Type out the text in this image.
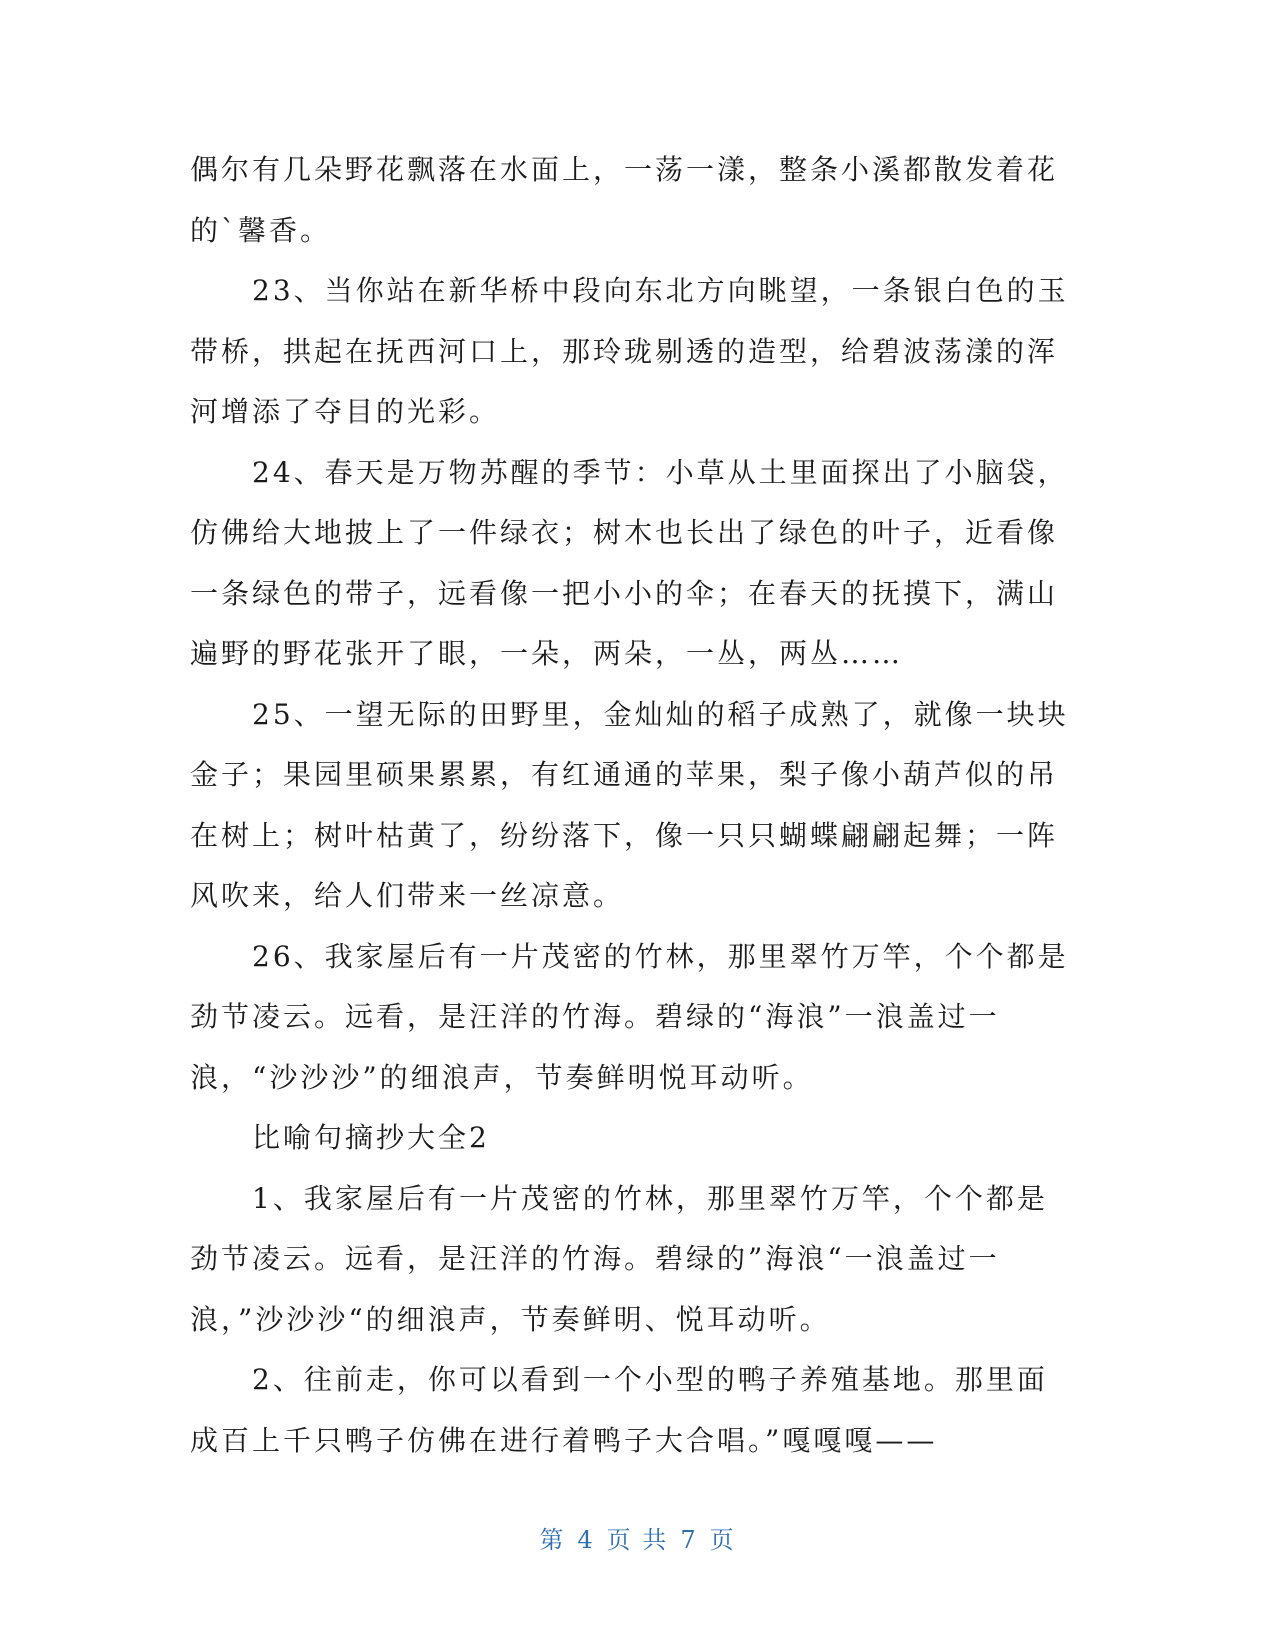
偶尔有几朵野花飘落在水面上，一荡一漾，整条小溪都散发着花的`馨香。

23、当你站在新华桥中段向东北方向眺望，一条银白色的玉带桥，拱起在抚西河口上，那玲珑剔透的造型，给碧波荡漾的浑河增添了夺目的光彩。

24、春天是万物苏醒的季节：小草从土里面探出了小脑袋，仿佛给大地披上了一件绿衣；树木也长出了绿色的叶子，近看像一条绿色的带子，远看像一把小小的伞；在春天的抚摸下，满山遍野的野花张开了眼，一朵，两朵，一丛，两丛……

25、一望无际的田野里，金灿灿的稻子成熟了，就像一块块金子；果园里硕果累累，有红通通的苹果，梨子像小葫芦似的吊在树上；树叶枯黄了，纷纷落下，像一只只蝴蝶翩翩起舞；一阵风吹来，给人们带来一丝凉意。

26、我家屋后有一片茂密的竹林，那里翠竹万竿，个个都是劲节凌云。远看，是汪洋的竹海。碧绿的“海浪”一浪盖过一浪，“沙沙沙”的细浪声，节奏鲜明悦耳动听。

比喻句摘抄大全2

1、我家屋后有一片茂密的竹林，那里翠竹万竿，个个都是劲节凌云。远看，是汪洋的竹海。碧绿的”海浪“一浪盖过一浪，”沙沙沙“的细浪声，节奏鲜明、悦耳动听。

2、往前走，你可以看到一个小型的鸭子养殖基地。那里面成百上千只鸭子仿佛在进行着鸭子大合唱。”嘎嘎嘎——

第 4 页 共 7 页
